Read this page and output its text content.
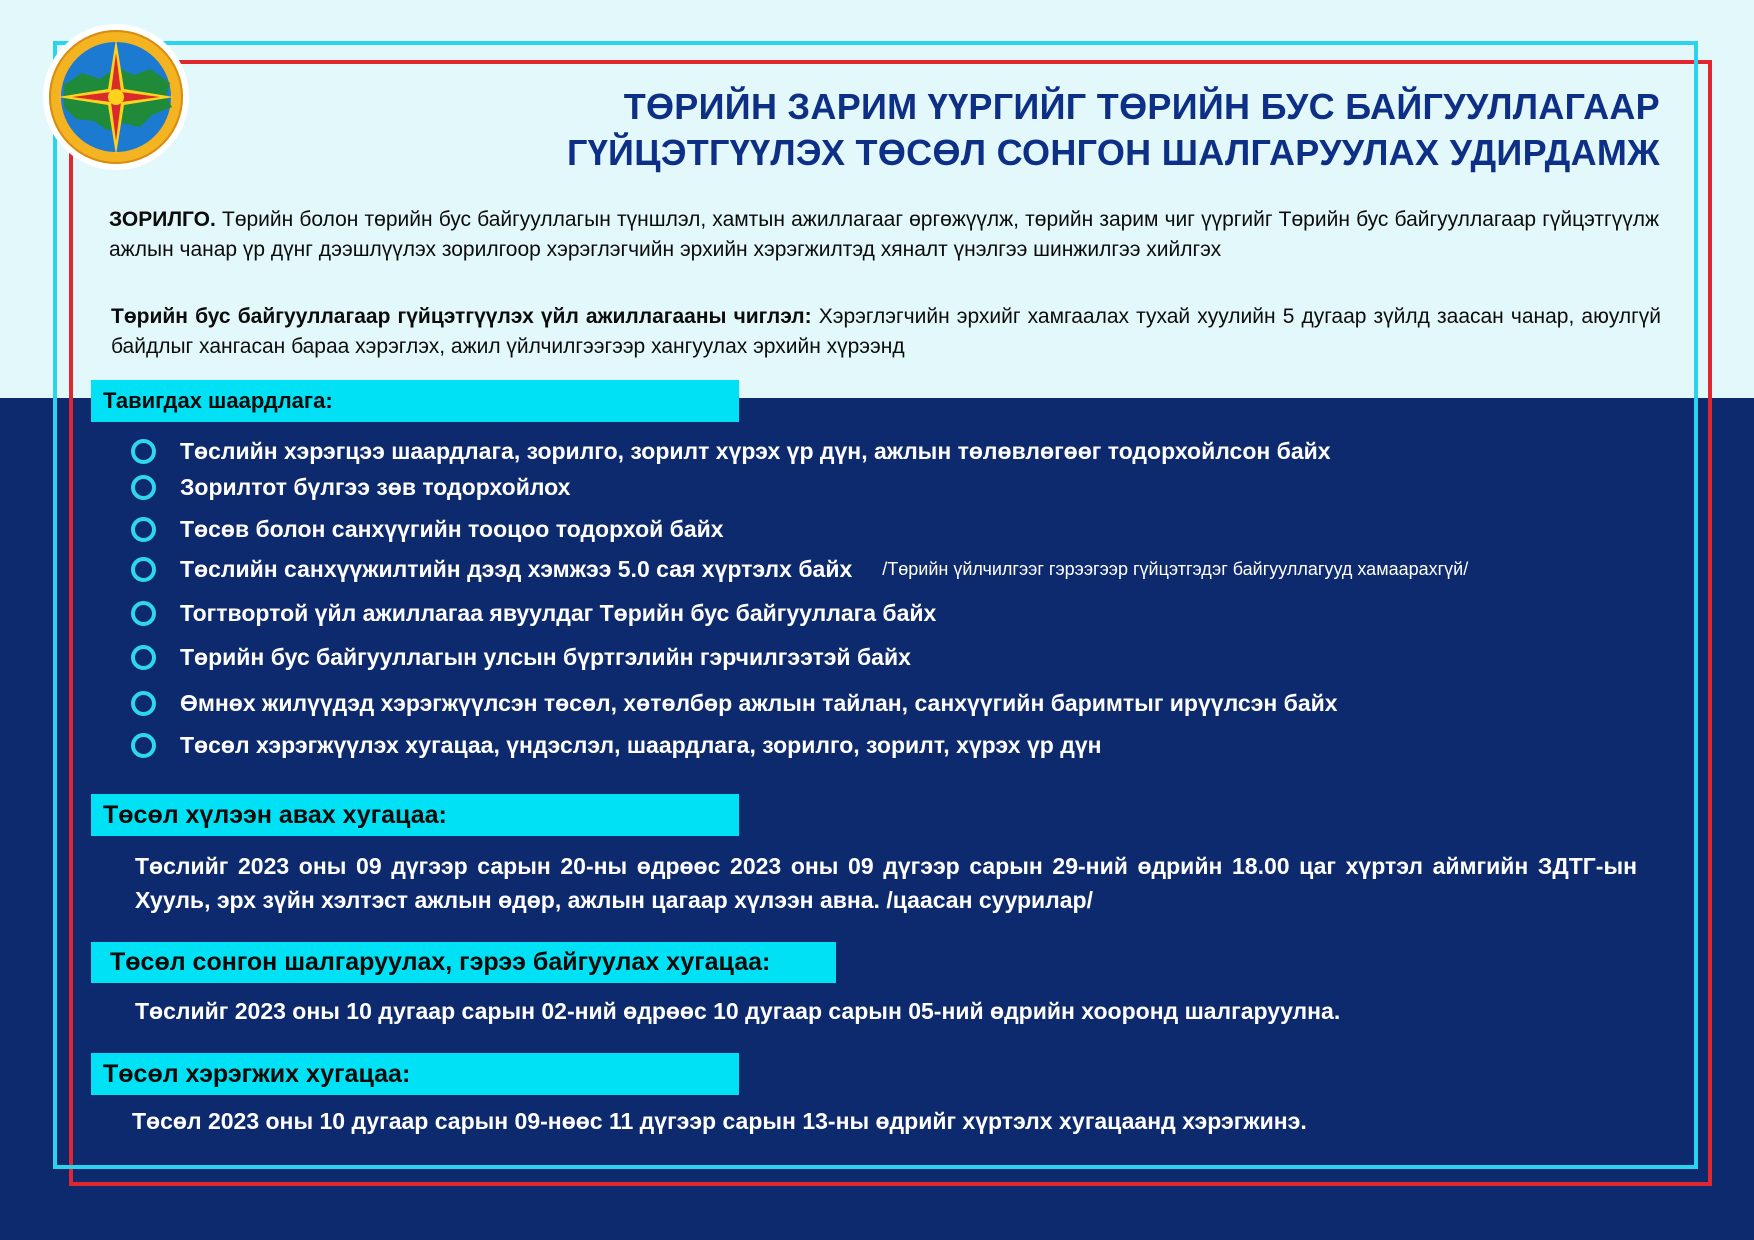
ТӨРИЙН ЗАРИМ ҮҮРГИЙГ ТӨРИЙН БУС БАЙГУУЛЛАГААР
ГҮЙЦЭТГҮҮЛЭХ ТӨСӨЛ СОНГОН ШАЛГАРУУЛАХ УДИРДАМЖ
ЗОРИЛГО. Төрийн болон төрийн бус байгууллагын түншлэл, хамтын ажиллагааг өргөжүүлж, төрийн зарим чиг үүргийг Төрийн бус байгууллагаар гүйцэтгүүлж ажлын чанар үр дүнг дээшлүүлэх зорилгоор хэрэглэгчийн эрхийн хэрэгжилтэд хяналт үнэлгээ шинжилгээ хийлгэх
Төрийн бус байгууллагаар гүйцэтгүүлэх үйл ажиллагааны чиглэл: Хэрэглэгчийн эрхийг хамгаалах тухай хуулийн 5 дугаар зүйлд заасан чанар, аюулгүй байдлыг хангасан бараа хэрэглэх, ажил үйлчилгээгээр хангуулах эрхийн хүрээнд
Тавигдах шаардлага:
Төслийн хэрэгцээ шаардлага, зорилго, зорилт хүрэх үр дүн, ажлын төлөвлөгөөг тодорхойлсон байх
Зорилтот бүлгээ зөв тодорхойлох
Төсөв болон санхүүгийн тооцоо тодорхой байх
Төслийн санхүүжилтийн дээд хэмжээ 5.0 сая хүртэлх байх /Төрийн үйлчилгээг гэрээгээр гүйцэтгэдэг байгууллагууд хамаарахгүй/
Тогтвортой үйл ажиллагаа явуулдаг Төрийн бус байгууллага байх
Төрийн бус байгууллагын улсын бүртгэлийн гэрчилгээтэй байх
Өмнөх жилүүдэд хэрэгжүүлсэн төсөл, хөтөлбөр ажлын тайлан, санхүүгийн баримтыг ирүүлсэн байх
Төсөл хэрэгжүүлэх хугацаа, үндэслэл, шаардлага, зорилго, зорилт, хүрэх үр дүн
Төсөл хүлээн авах хугацаа:
Төслийг 2023 оны 09 дүгээр сарын 20-ны өдрөөс 2023 оны 09 дүгээр сарын 29-ний өдрийн 18.00 цаг хүртэл аймгийн ЗДТГ-ын Хууль, эрх зүйн хэлтэст ажлын өдөр, ажлын цагаар хүлээн авна. /цаасан суурилар/
Төсөл сонгон шалгаруулах, гэрээ байгуулах хугацаа:
Төслийг 2023 оны 10 дугаар сарын 02-ний өдрөөс 10 дугаар сарын 05-ний өдрийн хооронд шалгаруулна.
Төсөл хэрэгжих хугацаа:
Төсөл 2023 оны 10 дугаар сарын 09-нөөс 11 дүгээр сарын 13-ны өдрийг хүртэлх хугацаанд хэрэгжинэ.
